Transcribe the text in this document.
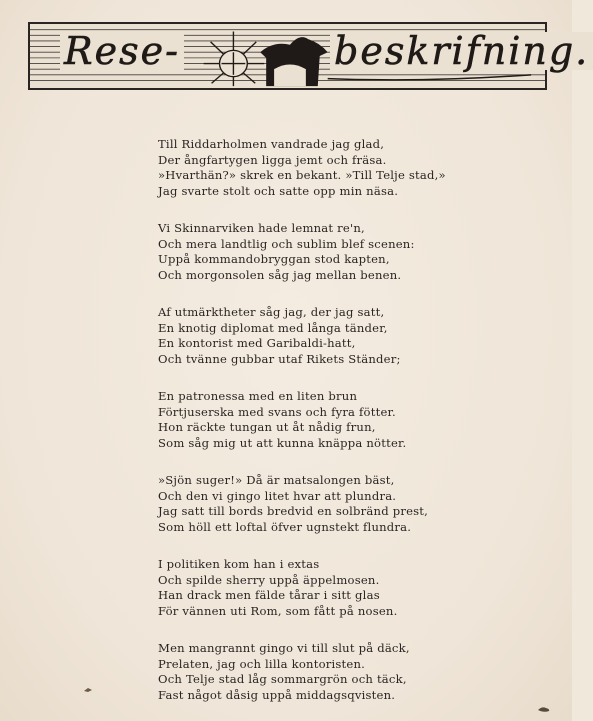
Rese-	beskrifning.
Till Riddarholmen vandrade jag glad,
Der ångfartygen ligga jemt och fräsa.
»Hvarthän?» skrek en bekant. »Till Telje stad,»
Jag svarte stolt och satte opp min näsa.
Vi Skinnarviken hade lemnat re'n,
Och mera landtlig och sublim blef scenen:
Uppå kommandobryggan stod kapten,
Och morgonsolen såg jag mellan benen.
Af utmärktheter såg jag, der jag satt,
En knotig diplomat med långa tänder,
En kontorist med Garibaldi-hatt,
Och tvänne gubbar utaf Rikets Ständer;
En patronessa med en liten brun
Förtjuserska med svans och fyra fötter.
Hon räckte tungan ut åt nådig frun,
Som såg mig ut att kunna knäppa nötter.
»Sjön suger!» Då är matsalongen bäst,
Och den vi gingo litet hvar att plundra.
Jag satt till bords bredvid en solbränd prest,
Som höll ett loftal öfver ugnstekt flundra.
I politiken kom han i extas
Och spilde sherry uppå äppelmosen.
Han drack men fälde tårar i sitt glas
För vännen uti Rom, som fått på nosen.
Men mangrannt gingo vi till slut på däck,
Prelaten, jag och lilla kontoristen.
Och Telje stad låg sommargrön och täck,
Fast något dåsig uppå middagsqvisten.
